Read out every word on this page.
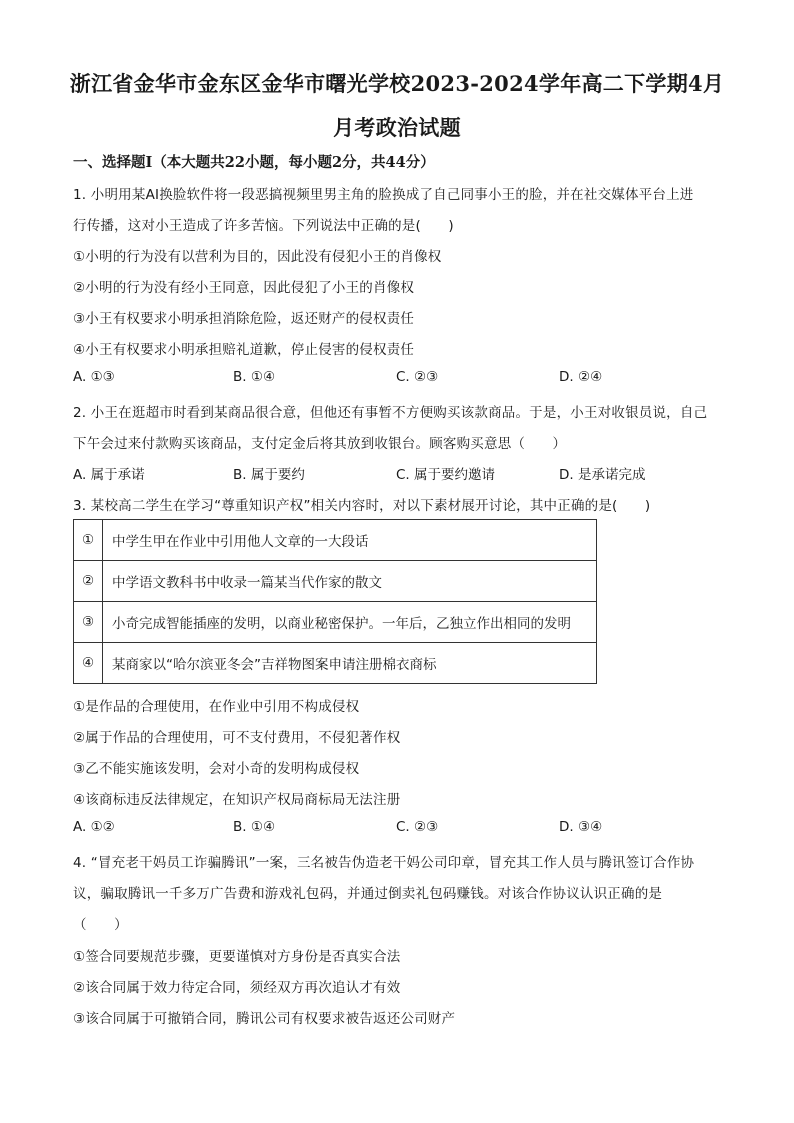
浙江省金华市金东区金华市曙光学校2023-2024学年高二下学期4月
月考政治试题
一、选择题Ⅰ（本大题共22小题，每小题2分，共44分）
1. 小明用某AI换脸软件将一段恶搞视频里男主角的脸换成了自己同事小王的脸，并在社交媒体平台上进
行传播，这对小王造成了许多苦恼。下列说法中正确的是(　　)
①小明的行为没有以营利为目的，因此没有侵犯小王的肖像权
②小明的行为没有经小王同意，因此侵犯了小王的肖像权
③小王有权要求小明承担消除危险，返还财产的侵权责任
④小王有权要求小明承担赔礼道歉，停止侵害的侵权责任
A. ①③	B. ①④	C. ②③	D. ②④
2. 小王在逛超市时看到某商品很合意，但他还有事暂不方便购买该款商品。于是，小王对收银员说，自己
下午会过来付款购买该商品，支付定金后将其放到收银台。顾客购买意思（　　）
A. 属于承诺	B. 属于要约	C. 属于要约邀请	D. 是承诺完成
3. 某校高二学生在学习“尊重知识产权”相关内容时，对以下素材展开讨论，其中正确的是(　　)
①	中学生甲在作业中引用他人文章的一大段话
②	中学语文教科书中收录一篇某当代作家的散文
③	小奇完成智能插座的发明，以商业秘密保护。一年后，乙独立作出相同的发明
④	某商家以“哈尔滨亚冬会”吉祥物图案申请注册棉衣商标
①是作品的合理使用，在作业中引用不构成侵权
②属于作品的合理使用，可不支付费用，不侵犯著作权
③乙不能实施该发明，会对小奇的发明构成侵权
④该商标违反法律规定，在知识产权局商标局无法注册
A. ①②	B. ①④	C. ②③	D. ③④
4. “冒充老干妈员工诈骗腾讯”一案，三名被告伪造老干妈公司印章，冒充其工作人员与腾讯签订合作协
议，骗取腾讯一千多万广告费和游戏礼包码，并通过倒卖礼包码赚钱。对该合作协议认识正确的是
（　　）
①签合同要规范步骤，更要谨慎对方身份是否真实合法
②该合同属于效力待定合同，须经双方再次追认才有效
③该合同属于可撤销合同，腾讯公司有权要求被告返还公司财产
